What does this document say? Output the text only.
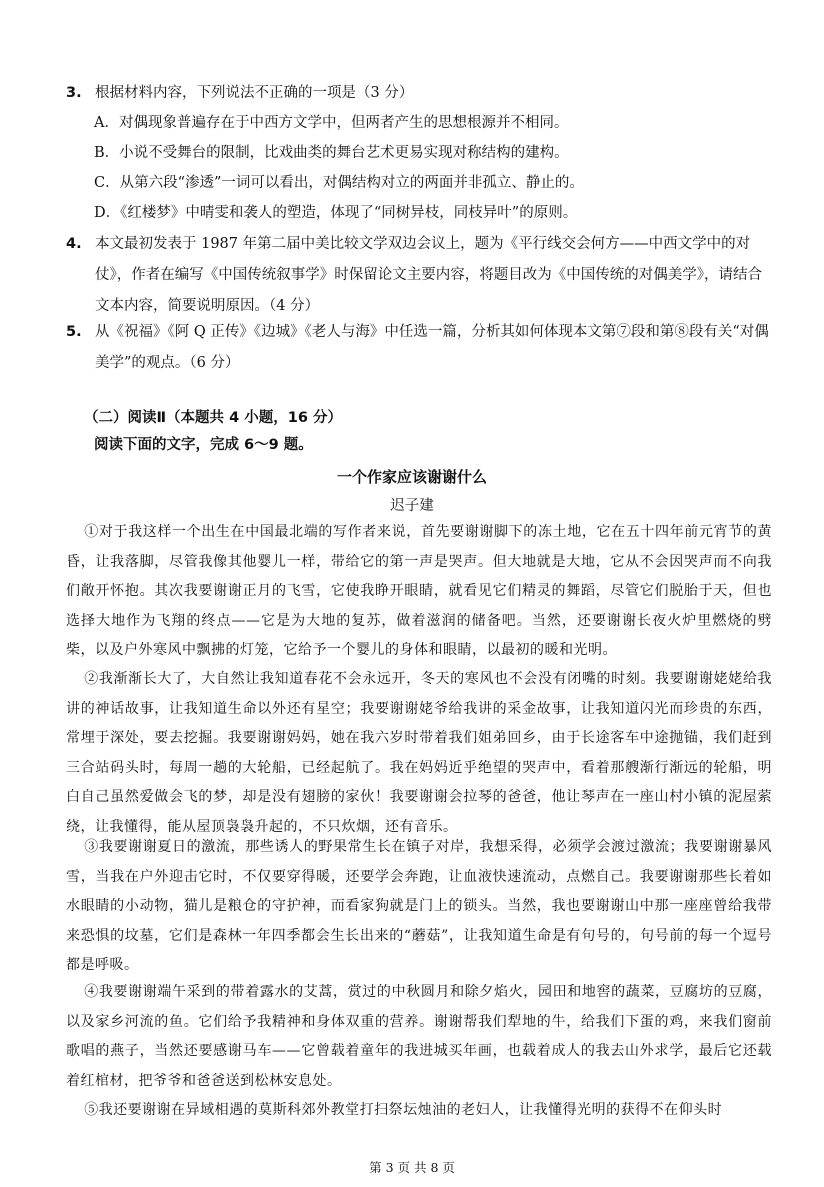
3. 根据材料内容，下列说法不正确的一项是（3 分）
A．对偶现象普遍存在于中西方文学中，但两者产生的思想根源并不相同。
B．小说不受舞台的限制，比戏曲类的舞台艺术更易实现对称结构的建构。
C．从第六段“渗透”一词可以看出，对偶结构对立的两面并非孤立、静止的。
D．《红楼梦》中晴雯和袭人的塑造，体现了“同树异枝，同枝异叶”的原则。
4. 本文最初发表于 1987 年第二届中美比较文学双边会议上，题为《平行线交会何方——中西文学中的对仗》，作者在编写《中国传统叙事学》时保留论文主要内容，将题目改为《中国传统的对偶美学》，请结合文本内容，简要说明原因。（4 分）
5. 从《祝福》《阿 Q 正传》《边城》《老人与海》中任选一篇，分析其如何体现本文第⑦段和第⑧段有关“对偶美学”的观点。（6 分）
（二）阅读Ⅱ（本题共 4 小题，16 分）
阅读下面的文字，完成 6～9 题。
一个作家应该谢谢什么
迟子建
①对于我这样一个出生在中国最北端的写作者来说，首先要谢谢脚下的冻土地，它在五十四年前元宵节的黄昏，让我落脚，尽管我像其他婴儿一样，带给它的第一声是哭声。但大地就是大地，它从不会因哭声而不向我们敞开怀抱。其次我要谢谢正月的飞雪，它使我睁开眼睛，就看见它们精灵的舞蹈，尽管它们脱胎于天，但也选择大地作为飞翔的终点——它是为大地的复苏，做着滋润的储备吧。当然，还要谢谢长夜火炉里燃烧的劈柴，以及户外寒风中飘拂的灯笼，它给予一个婴儿的身体和眼睛，以最初的暖和光明。
②我渐渐长大了，大自然让我知道春花不会永远开，冬天的寒风也不会没有闭嘴的时刻。我要谢谢姥姥给我讲的神话故事，让我知道生命以外还有星空；我要谢谢姥爷给我讲的采金故事，让我知道闪光而珍贵的东西，常埋于深处，要去挖掘。我要谢谢妈妈，她在我六岁时带着我们姐弟回乡，由于长途客车中途抛锚，我们赶到三合站码头时，每周一趟的大轮船，已经起航了。我在妈妈近乎绝望的哭声中，看着那艘渐行渐远的轮船，明白自己虽然爱做会飞的梦，却是没有翅膀的家伙！我要谢谢会拉琴的爸爸，他让琴声在一座山村小镇的泥屋萦绕，让我懂得，能从屋顶袅袅升起的，不只炊烟，还有音乐。
③我要谢谢夏日的激流，那些诱人的野果常生长在镇子对岸，我想采得，必须学会渡过激流；我要谢谢暴风雪，当我在户外迎击它时，不仅要穿得暖，还要学会奔跑，让血液快速流动，点燃自己。我要谢谢那些长着如水眼睛的小动物，猫儿是粮仓的守护神，而看家狗就是门上的锁头。当然，我也要谢谢山中那一座座曾给我带来恐惧的坟墓，它们是森林一年四季都会生长出来的“蘑菇”，让我知道生命是有句号的，句号前的每一个逗号都是呼吸。
④我要谢谢端午采到的带着露水的艾蒿，赏过的中秋圆月和除夕焰火，园田和地窖的蔬菜，豆腐坊的豆腐，以及家乡河流的鱼。它们给予我精神和身体双重的营养。谢谢帮我们犁地的牛，给我们下蛋的鸡，来我们窗前歌唱的燕子，当然还要感谢马车——它曾载着童年的我进城买年画，也载着成人的我去山外求学，最后它还载着红棺材，把爷爷和爸爸送到松林安息处。
⑤我还要谢谢在异域相遇的莫斯科郊外教堂打扫祭坛烛油的老妇人，让我懂得光明的获得不在仰头时
第 3 页 共 8 页
